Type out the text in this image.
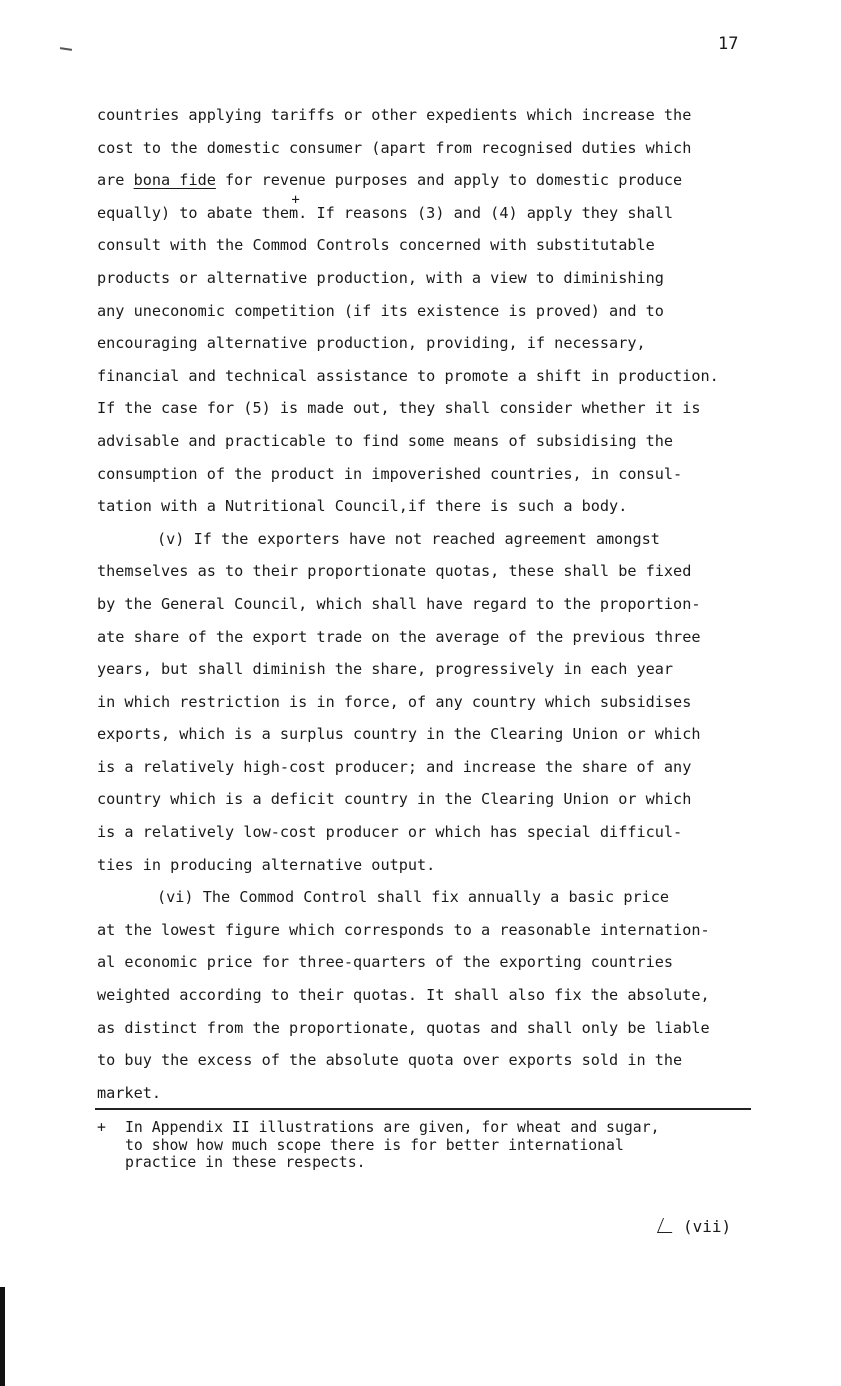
17
countries applying tariffs or other expedients which increase the
cost to the domestic consumer (apart from recognised duties which
are bona fide for revenue purposes and apply to domestic produce
equally) to abate them.+ If reasons (3) and (4) apply they shall
consult with the Commod Controls concerned with substitutable
products or alternative production, with a view to diminishing
any uneconomic competition (if its existence is proved) and to
encouraging alternative production, providing, if necessary,
financial and technical assistance to promote a shift in production.
If the case for (5) is made out, they shall consider whether it is
advisable and practicable to find some means of subsidising the
consumption of the product in impoverished countries, in consul-
tation with a Nutritional Council,if there is such a body.
(v) If the exporters have not reached agreement amongst
themselves as to their proportionate quotas, these shall be fixed
by the General Council, which shall have regard to the proportion-
ate share of the export trade on the average of the previous three
years, but shall diminish the share, progressively in each year
in which restriction is in force, of any country which subsidises
exports, which is a surplus country in the Clearing Union or which
is a relatively high-cost producer; and increase the share of any
country which is a deficit country in the Clearing Union or which
is a relatively low-cost producer or which has special difficul-
ties in producing alternative output.
(vi) The Commod Control shall fix annually a basic price
at the lowest figure which corresponds to a reasonable internation-
al economic price for three-quarters of the exporting countries
weighted according to their quotas. It shall also fix the absolute,
as distinct from the proportionate, quotas and shall only be liable
to buy the excess of the absolute quota over exports sold in the
market.
+ In Appendix II illustrations are given, for wheat and sugar,
to show how much scope there is for better international
practice in these respects.
(vii)
